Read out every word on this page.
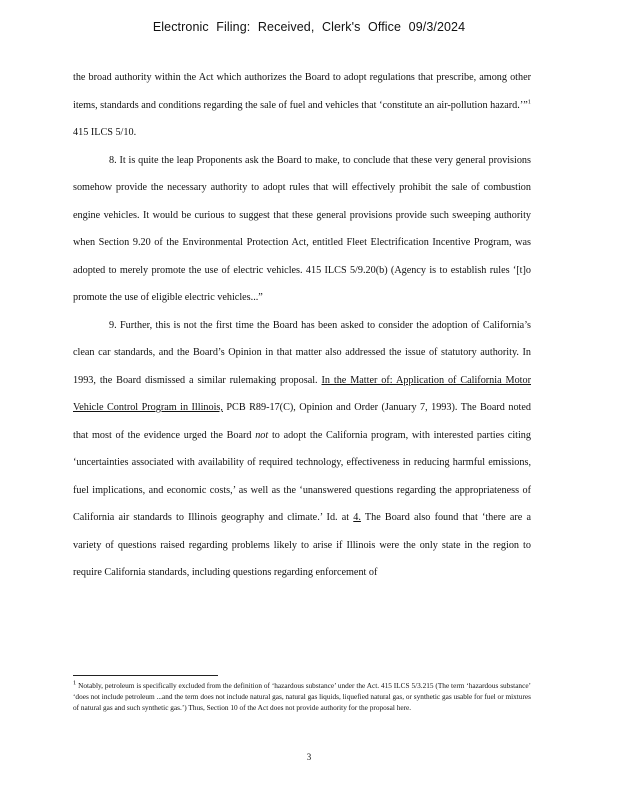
Electronic Filing: Received, Clerk's Office 09/3/2024

the broad authority within the Act which authorizes the Board to adopt regulations that prescribe, among other items, standards and conditions regarding the sale of fuel and vehicles that ‘constitute an air-pollution hazard.’”$^1$ 415 ILCS 5/10.

8. It is quite the leap Proponents ask the Board to make, to conclude that these very general provisions somehow provide the necessary authority to adopt rules that will effectively prohibit the sale of combustion engine vehicles. It would be curious to suggest that these general provisions provide such sweeping authority when Section 9.20 of the Environmental Protection Act, entitled Fleet Electrification Incentive Program, was adopted to merely promote the use of electric vehicles. 415 ILCS 5/9.20(b) (Agency is to establish rules ‘[t]o promote the use of eligible electric vehicles...”

9. Further, this is not the first time the Board has been asked to consider the adoption of California’s clean car standards, and the Board’s Opinion in that matter also addressed the issue of statutory authority. In 1993, the Board dismissed a similar rulemaking proposal. In the Matter of: Application of California Motor Vehicle Control Program in Illinois, PCB R89-17(C), Opinion and Order (January 7, 1993). The Board noted that most of the evidence urged the Board not to adopt the California program, with interested parties citing ‘uncertainties associated with availability of required technology, effectiveness in reducing harmful emissions, fuel implications, and economic costs,’ as well as the ‘unanswered questions regarding the appropriateness of California air standards to Illinois geography and climate.’ Id. at 4. The Board also found that ‘there are a variety of questions raised regarding problems likely to arise if Illinois were the only state in the region to require California standards, including questions regarding enforcement of

$^1$ Notably, petroleum is specifically excluded from the definition of ‘hazardous substance’ under the Act. 415 ILCS 5/3.215 (The term ‘hazardous substance’ ‘does not include petroleum ...and the term does not include natural gas, natural gas liquids, liquefied natural gas, or synthetic gas usable for fuel or mixtures of natural gas and such synthetic gas.’) Thus, Section 10 of the Act does not provide authority for the proposal here.
3
